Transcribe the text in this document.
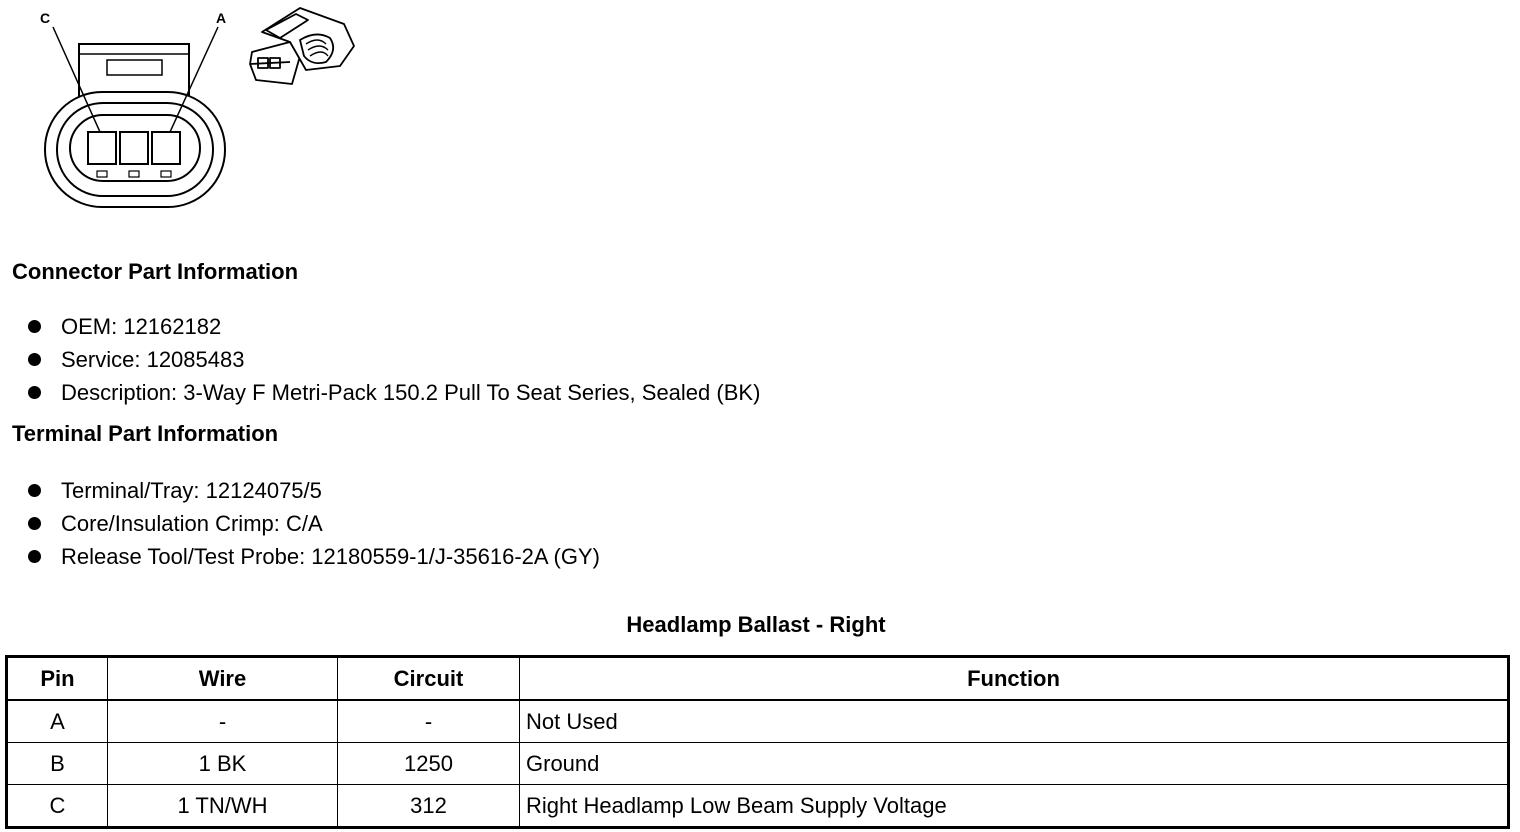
C	A
Connector Part Information
OEM: 12162182
Service: 12085483
Description: 3-Way F Metri-Pack 150.2 Pull To Seat Series, Sealed (BK)
Terminal Part Information
Terminal/Tray: 12124075/5
Core/Insulation Crimp: C/A
Release Tool/Test Probe: 12180559-1/J-35616-2A (GY)
Headlamp Ballast - Right
Pin	Wire	Circuit	Function
A	-	-	Not Used
B	1 BK	1250	Ground
C	1 TN/WH	312	Right Headlamp Low Beam Supply Voltage
